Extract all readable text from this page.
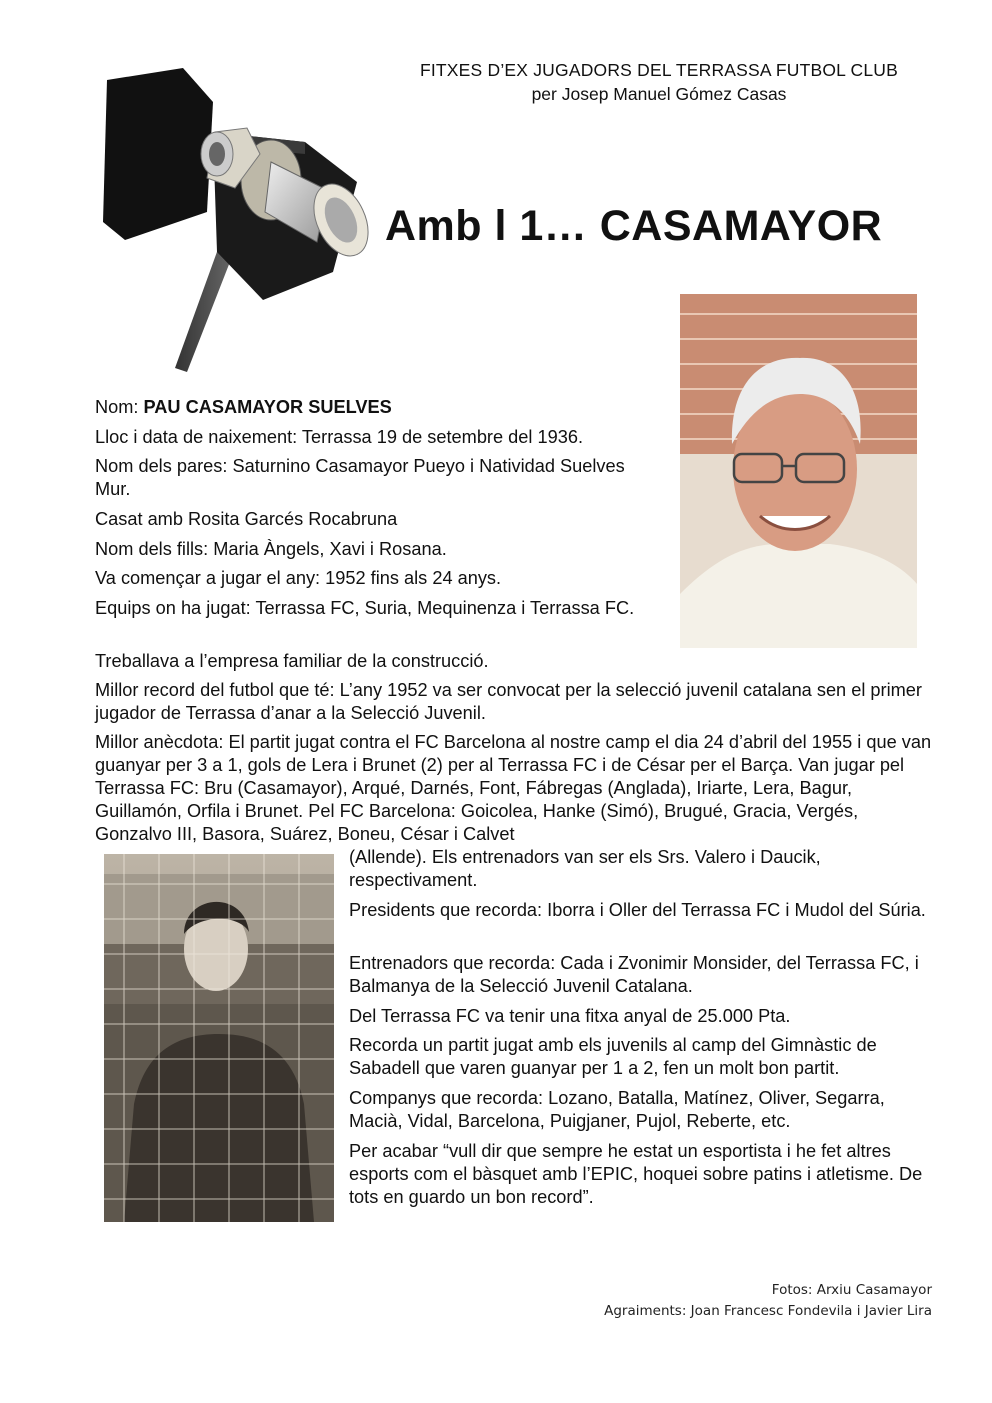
FITXES D’EX JUGADORS DEL TERRASSA FUTBOL CLUB
per Josep Manuel Gómez Casas
Amb l 1… CASAMAYOR

Nom: PAU CASAMAYOR SUELVES

Lloc i data de naixement: Terrassa 19 de setembre del 1936.

Nom dels pares: Saturnino Casamayor Pueyo i Natividad Suelves Mur.

Casat amb Rosita Garcés Rocabruna

Nom dels fills: Maria Àngels, Xavi i Rosana.

Va començar a jugar el any: 1952 fins als 24 anys.

Equips on ha jugat: Terrassa FC, Suria, Mequinenza i Terrassa FC.

Treballava a l’empresa familiar de la construcció.

Millor record del futbol que té: L’any 1952 va ser convocat per la selecció juvenil catalana sen el primer jugador de Terrassa d’anar a la Selecció Juvenil.

Millor anècdota: El partit jugat contra el FC Barcelona al nostre camp el dia 24 d’abril del 1955 i que van guanyar per 3 a 1, gols de Lera i Brunet (2) per al Terrassa FC i de César per el Barça. Van jugar pel Terrassa FC: Bru (Casamayor), Arqué, Darnés, Font, Fábregas (Anglada), Iriarte, Lera, Bagur, Guillamón, Orfila i Brunet. Pel FC Barcelona: Goicolea, Hanke (Simó), Brugué, Gracia, Vergés, Gonzalvo III, Basora, Suárez, Boneu, César i Calvet

(Allende). Els entrenadors van ser els Srs. Valero i Daucik, respectivament.

Presidents que recorda: Iborra i Oller del Terrassa FC i Mudol del Súria.

Entrenadors que recorda: Cada i Zvonimir Monsider, del Terrassa FC, i Balmanya de la Selecció Juvenil Catalana.

Del Terrassa FC va tenir una fitxa anyal de 25.000 Pta.

Recorda un partit jugat amb els juvenils al camp del Gimnàstic de Sabadell que varen guanyar per 1 a 2, fen un molt bon partit.

Companys que recorda: Lozano, Batalla, Matínez, Oliver, Segarra, Macià, Vidal, Barcelona, Puigjaner, Pujol, Reberte, etc.

Per acabar “vull dir que sempre he estat un esportista i he fet altres esports com el bàsquet amb l’EPIC, hoquei sobre patins i atletisme. De tots en guardo un bon record”.

Fotos: Arxiu Casamayor
Agraiments: Joan Francesc Fondevila i Javier Lira
